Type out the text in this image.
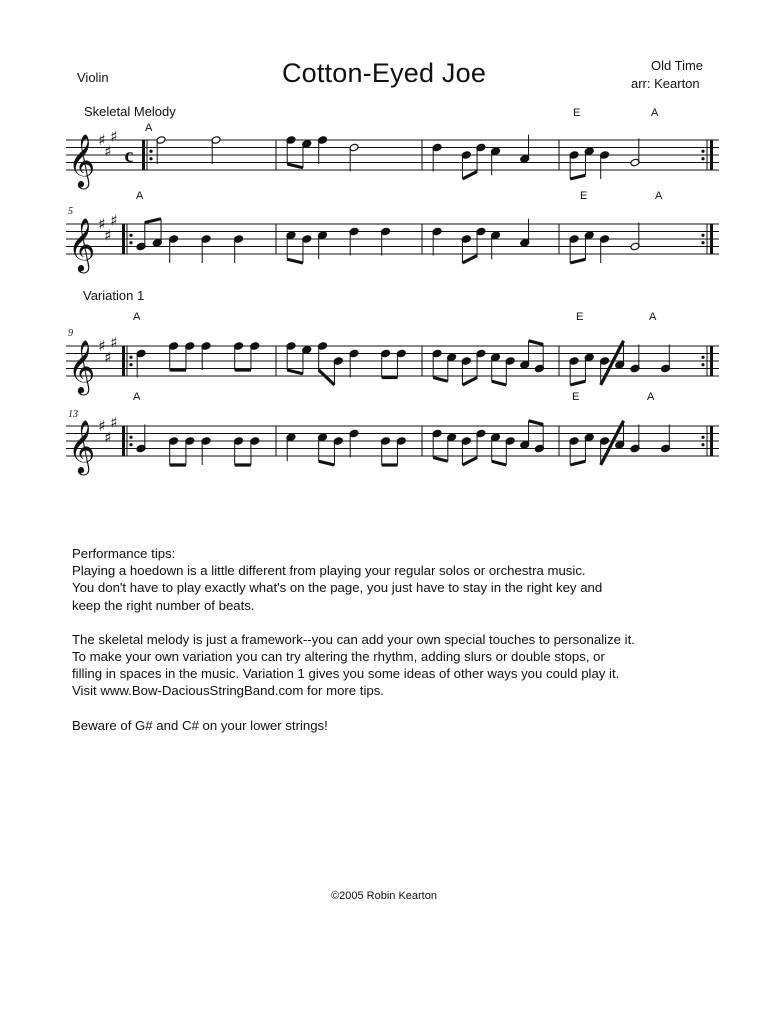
Violin	Cotton-Eyed Joe	Old Time
arr: Kearton
Skeletal Melody
Variation 1
A
E	A
𝄞 ♯
♯
♯
c
5
A	E	A
𝄞 ♯
♯
♯
9
A	E	A
𝄞 ♯
♯
♯
13
A	E	A
𝄞 ♯
♯
♯

Performance tips:

Playing a hoedown is a little different from playing your regular solos or orchestra music.

You don't have to play exactly what's on the page, you just have to stay in the right key and

keep the right number of beats.

The skeletal melody is just a framework--you can add your own special touches to personalize it.

To make your own variation you can try altering the rhythm, adding slurs or double stops, or

filling in spaces in the music. Variation 1 gives you some ideas of other ways you could play it.

Visit www.Bow-DaciousStringBand.com for more tips.

Beware of G# and C# on your lower strings!

©2005 Robin Kearton
